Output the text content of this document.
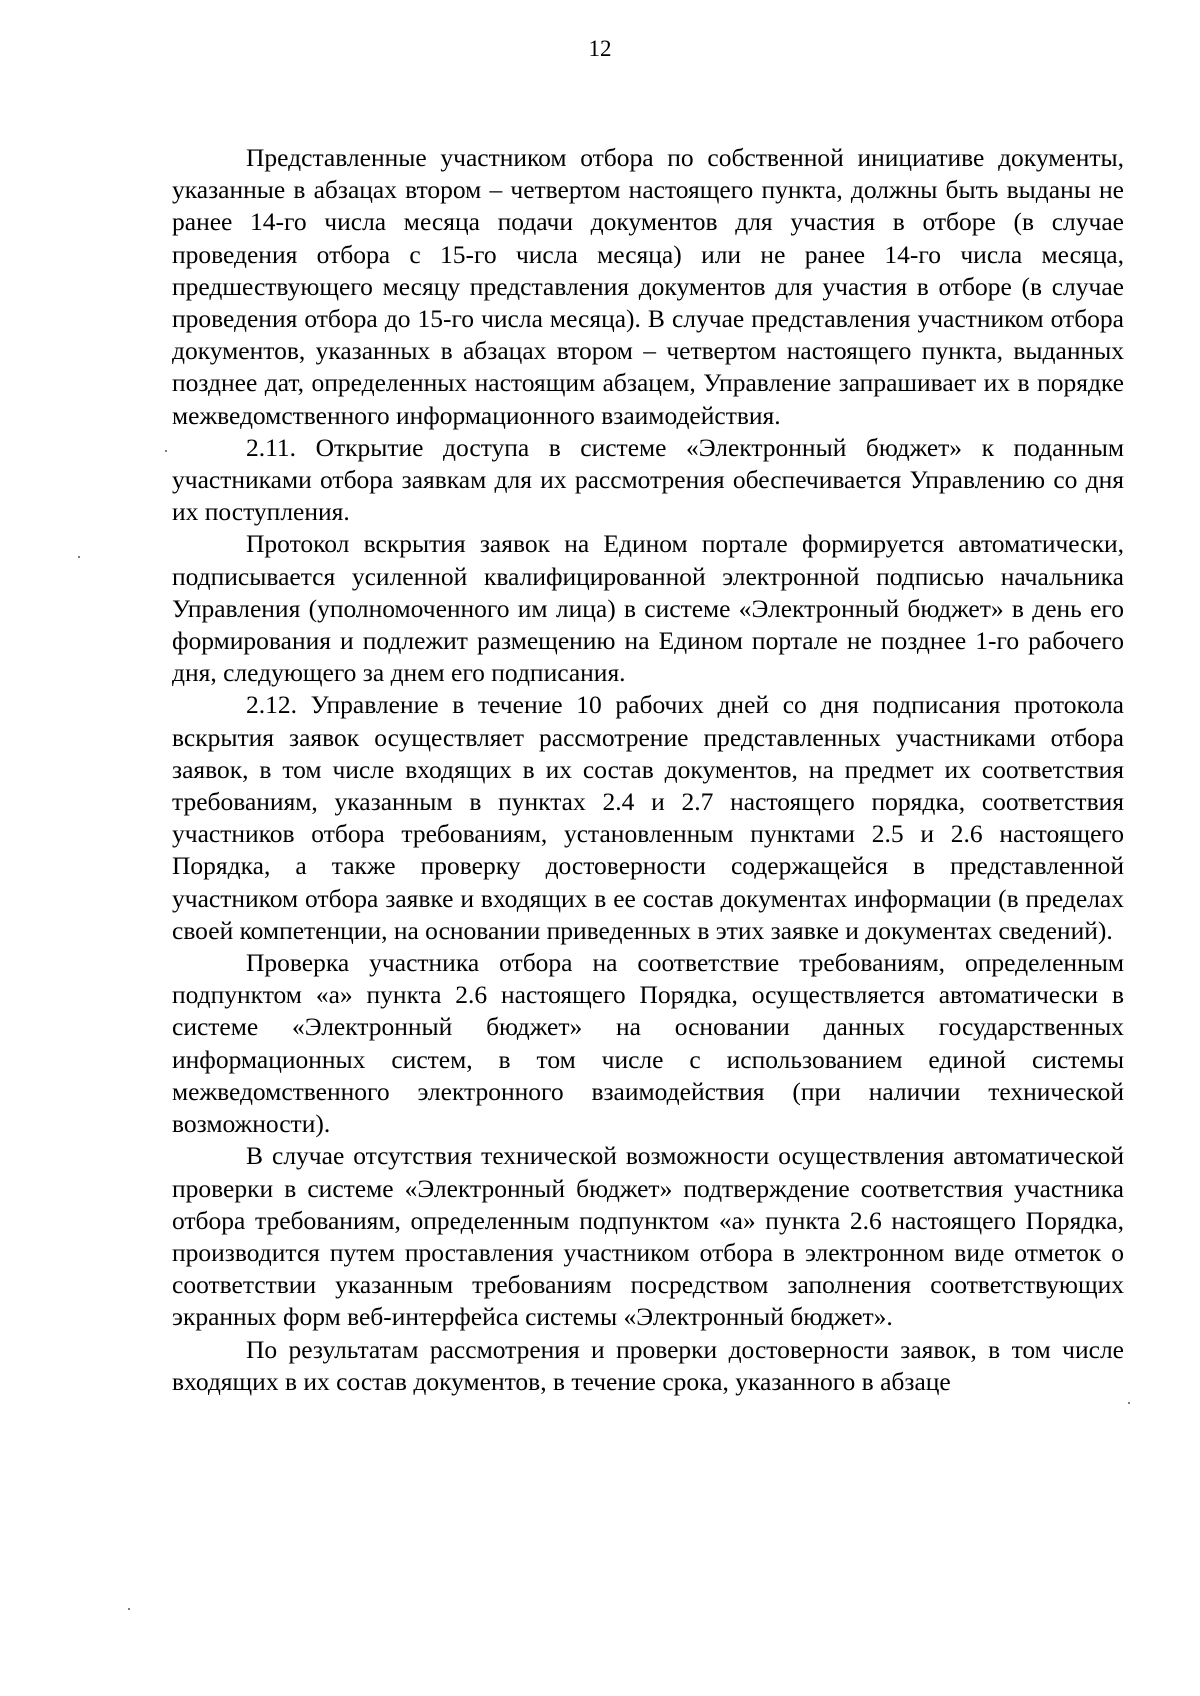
12

Представленные участником отбора по собственной инициативе документы, указанные в абзацах втором – четвертом настоящего пункта, должны быть выданы не ранее 14-го числа месяца подачи документов для участия в отборе (в случае проведения отбора с 15-го числа месяца) или не ранее 14-го числа месяца, предшествующего месяцу представления документов для участия в отборе (в случае проведения отбора до 15-го числа месяца). В случае представления участником отбора документов, указанных в абзацах втором – четвертом настоящего пункта, выданных позднее дат, определенных настоящим абзацем, Управление запрашивает их в порядке межведомственного информационного взаимодействия.

2.11. Открытие доступа в системе «Электронный бюджет» к поданным участниками отбора заявкам для их рассмотрения обеспечивается Управлению со дня их поступления.

Протокол вскрытия заявок на Едином портале формируется автоматически, подписывается усиленной квалифицированной электронной подписью начальника Управления (уполномоченного им лица) в системе «Электронный бюджет» в день его формирования и подлежит размещению на Едином портале не позднее 1-го рабочего дня, следующего за днем его подписания.

2.12. Управление в течение 10 рабочих дней со дня подписания протокола вскрытия заявок осуществляет рассмотрение представленных участниками отбора заявок, в том числе входящих в их состав документов, на предмет их соответствия требованиям, указанным в пунктах 2.4 и 2.7 настоящего порядка, соответствия участников отбора требованиям, установленным пунктами 2.5 и 2.6 настоящего Порядка, а также проверку достоверности содержащейся в представленной участником отбора заявке и входящих в ее состав документах информации (в пределах своей компетенции, на основании приведенных в этих заявке и документах сведений).

Проверка участника отбора на соответствие требованиям, определенным подпунктом «а» пункта 2.6 настоящего Порядка, осуществляется автоматически в системе «Электронный бюджет» на основании данных государственных информационных систем, в том числе с использованием единой системы межведомственного электронного взаимодействия (при наличии технической возможности).

В случае отсутствия технической возможности осуществления автоматической проверки в системе «Электронный бюджет» подтверждение соответствия участника отбора требованиям, определенным подпунктом «а» пункта 2.6 настоящего Порядка, производится путем проставления участником отбора в электронном виде отметок о соответствии указанным требованиям посредством заполнения соответствующих экранных форм веб-интерфейса системы «Электронный бюджет».

По результатам рассмотрения и проверки достоверности заявок, в том числе входящих в их состав документов, в течение срока, указанного в абзаце
